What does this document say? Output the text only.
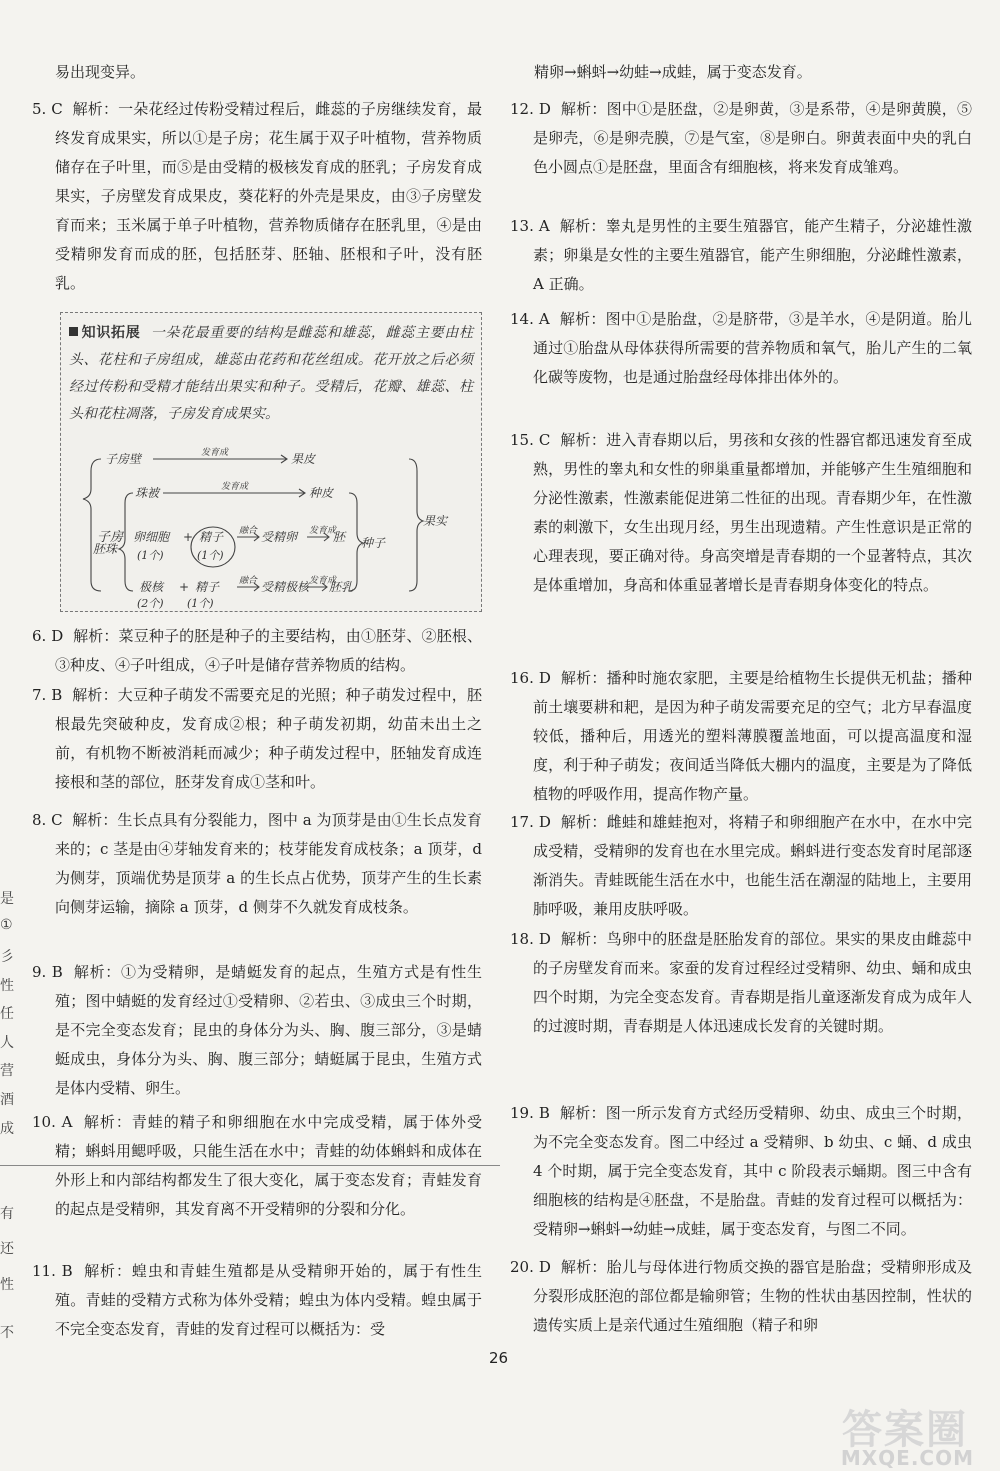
是
①
彡
性
任
人
营
酒
成
有
还
性
不
易出现变异。
5. C 解析：一朵花经过传粉受精过程后，雌蕊的子房继续发育，最终发育成果实，所以①是子房；花生属于双子叶植物，营养物质储存在子叶里，而⑤是由受精的极核发育成的胚乳；子房发育成果实，子房壁发育成果皮，葵花籽的外壳是果皮，由③子房壁发育而来；玉米属于单子叶植物，营养物质储存在胚乳里，④是由受精卵发育而成的胚，包括胚芽、胚轴、胚根和子叶，没有胚乳。
知识拓展 一朵花最重要的结构是雌蕊和雄蕊，雌蕊主要由柱头、花柱和子房组成，雄蕊由花药和花丝组成。花开放之后必须经过传粉和受精才能结出果实和种子。受精后，花瓣、雄蕊、柱头和花柱凋落，子房发育成果实。
子房
子房壁	果皮
发育成
珠被	发育成	种皮
胚珠
卵细胞 + 精子 融合 受精卵 发育成
胚 种子
果实
(1个)	(1个)
极核 + 精子 融合 受精极核 发育成
胚乳
(2个) (1个)
6. D 解析：菜豆种子的胚是种子的主要结构，由①胚芽、②胚根、③种皮、④子叶组成，④子叶是储存营养物质的结构。
7. B 解析：大豆种子萌发不需要充足的光照；种子萌发过程中，胚根最先突破种皮，发育成②根；种子萌发初期，幼苗未出土之前，有机物不断被消耗而减少；种子萌发过程中，胚轴发育成连接根和茎的部位，胚芽发育成①茎和叶。
8. C 解析：生长点具有分裂能力，图中 a 为顶芽是由①生长点发育来的；c 茎是由④芽轴发育来的；枝芽能发育成枝条；a 顶芽，d 为侧芽，顶端优势是顶芽 a 的生长点占优势，顶芽产生的生长素向侧芽运输，摘除 a 顶芽，d 侧芽不久就发育成枝条。
9. B 解析：①为受精卵，是蜻蜓发育的起点，生殖方式是有性生殖；图中蜻蜓的发育经过①受精卵、②若虫、③成虫三个时期，是不完全变态发育；昆虫的身体分为头、胸、腹三部分，③是蜻蜓成虫，身体分为头、胸、腹三部分；蜻蜓属于昆虫，生殖方式是体内受精、卵生。
10. A 解析：青蛙的精子和卵细胞在水中完成受精，属于体外受精；蝌蚪用鳃呼吸，只能生活在水中；青蛙的幼体蝌蚪和成体在外形上和内部结构都发生了很大变化，属于变态发育；青蛙发育的起点是受精卵，其发育离不开受精卵的分裂和分化。
11. B 解析：蝗虫和青蛙生殖都是从受精卵开始的，属于有性生殖。青蛙的受精方式称为体外受精；蝗虫为体内受精。蝗虫属于不完全变态发育，青蛙的发育过程可以概括为：受
精卵→蝌蚪→幼蛙→成蛙，属于变态发育。
12. D 解析：图中①是胚盘，②是卵黄，③是系带，④是卵黄膜，⑤是卵壳，⑥是卵壳膜，⑦是气室，⑧是卵白。卵黄表面中央的乳白色小圆点①是胚盘，里面含有细胞核，将来发育成雏鸡。
13. A 解析：睾丸是男性的主要生殖器官，能产生精子，分泌雄性激素；卵巢是女性的主要生殖器官，能产生卵细胞，分泌雌性激素，A 正确。
14. A 解析：图中①是胎盘，②是脐带，③是羊水，④是阴道。胎儿通过①胎盘从母体获得所需要的营养物质和氧气，胎儿产生的二氧化碳等废物，也是通过胎盘经母体排出体外的。
15. C 解析：进入青春期以后，男孩和女孩的性器官都迅速发育至成熟，男性的睾丸和女性的卵巢重量都增加，并能够产生生殖细胞和分泌性激素，性激素能促进第二性征的出现。青春期少年，在性激素的刺激下，女生出现月经，男生出现遗精。产生性意识是正常的心理表现，要正确对待。身高突增是青春期的一个显著特点，其次是体重增加，身高和体重显著增长是青春期身体变化的特点。
16. D 解析：播种时施农家肥，主要是给植物生长提供无机盐；播种前土壤要耕和耙，是因为种子萌发需要充足的空气；北方早春温度较低，播种后，用透光的塑料薄膜覆盖地面，可以提高温度和湿度，利于种子萌发；夜间适当降低大棚内的温度，主要是为了降低植物的呼吸作用，提高作物产量。
17. D 解析：雌蛙和雄蛙抱对，将精子和卵细胞产在水中，在水中完成受精，受精卵的发育也在水里完成。蝌蚪进行变态发育时尾部逐渐消失。青蛙既能生活在水中，也能生活在潮湿的陆地上，主要用肺呼吸，兼用皮肤呼吸。
18. D 解析：鸟卵中的胚盘是胚胎发育的部位。果实的果皮由雌蕊中的子房壁发育而来。家蚕的发育过程经过受精卵、幼虫、蛹和成虫四个时期，为完全变态发育。青春期是指儿童逐渐发育成为成年人的过渡时期，青春期是人体迅速成长发育的关键时期。
19. B 解析：图一所示发育方式经历受精卵、幼虫、成虫三个时期，为不完全变态发育。图二中经过 a 受精卵、b 幼虫、c 蛹、d 成虫 4 个时期，属于完全变态发育，其中 c 阶段表示蛹期。图三中含有细胞核的结构是④胚盘，不是胎盘。青蛙的发育过程可以概括为：受精卵→蝌蚪→幼蛙→成蛙，属于变态发育，与图二不同。
20. D 解析：胎儿与母体进行物质交换的器官是胎盘；受精卵形成及分裂形成胚泡的部位都是输卵管；生物的性状由基因控制，性状的遗传实质上是亲代通过生殖细胞（精子和卵
26
答案圈
MXQE.COM
